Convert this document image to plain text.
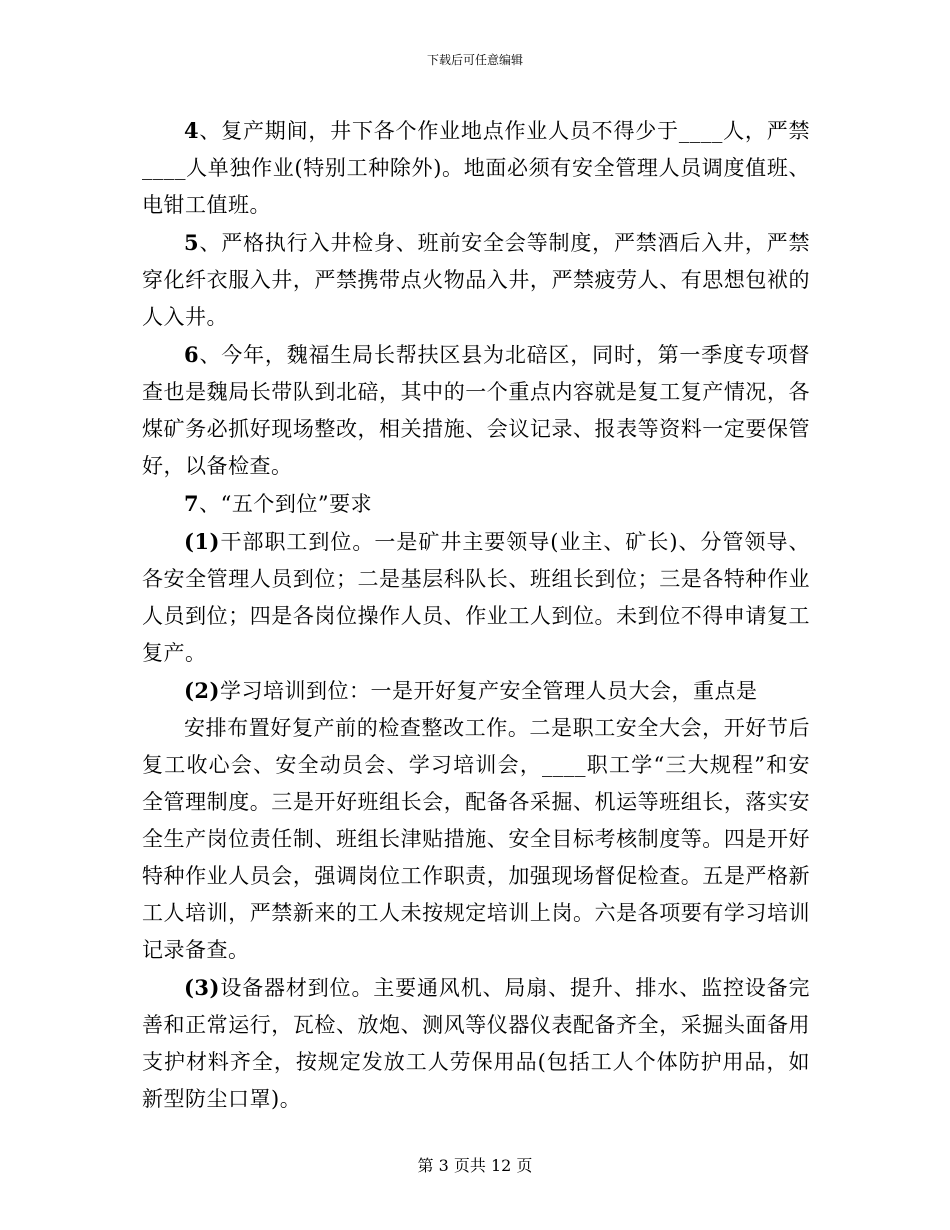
下载后可任意编辑

4、复产期间，井下各个作业地点作业人员不得少于____人，严禁____人单独作业(特别工种除外)。地面必须有安全管理人员调度值班、电钳工值班。

5、严格执行入井检身、班前安全会等制度，严禁酒后入井，严禁穿化纤衣服入井，严禁携带点火物品入井，严禁疲劳人、有思想包袱的人入井。

6、今年，魏福生局长帮扶区县为北碚区，同时，第一季度专项督查也是魏局长带队到北碚，其中的一个重点内容就是复工复产情况，各煤矿务必抓好现场整改，相关措施、会议记录、报表等资料一定要保管好，以备检查。

7、“五个到位”要求

(1)干部职工到位。一是矿井主要领导(业主、矿长)、分管领导、各安全管理人员到位；二是基层科队长、班组长到位；三是各特种作业人员到位；四是各岗位操作人员、作业工人到位。未到位不得申请复工复产。

(2)学习培训到位：一是开好复产安全管理人员大会，重点是

安排布置好复产前的检查整改工作。二是职工安全大会，开好节后复工收心会、安全动员会、学习培训会，____职工学“三大规程”和安全管理制度。三是开好班组长会，配备各采掘、机运等班组长，落实安全生产岗位责任制、班组长津贴措施、安全目标考核制度等。四是开好特种作业人员会，强调岗位工作职责，加强现场督促检查。五是严格新工人培训，严禁新来的工人未按规定培训上岗。六是各项要有学习培训记录备查。

(3)设备器材到位。主要通风机、局扇、提升、排水、监控设备完善和正常运行，瓦检、放炮、测风等仪器仪表配备齐全，采掘头面备用支护材料齐全，按规定发放工人劳保用品(包括工人个体防护用品，如新型防尘口罩)。

第 3 页共 12 页
